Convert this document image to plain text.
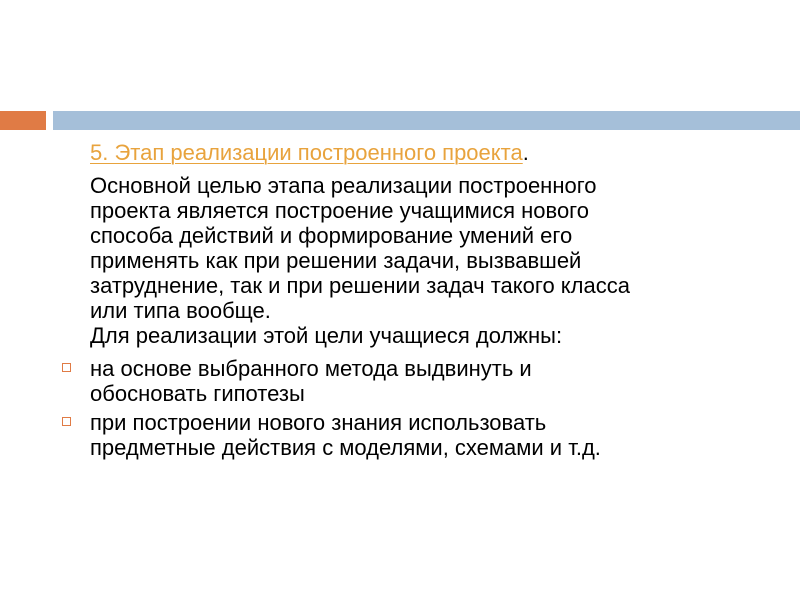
5. Этап реализации построенного проекта.

Основной целью этапа реализации построенного
проекта является построение учащимися нового
способа действий и формирование умений его
применять как при решении задачи, вызвавшей
затруднение, так и при решении задач такого класса
или типа вообще.
Для реализации этой цели учащиеся должны:

на основе выбранного метода выдвинуть и
обосновать гипотезы
при построении нового знания использовать
предметные действия с моделями, схемами и т.д.
